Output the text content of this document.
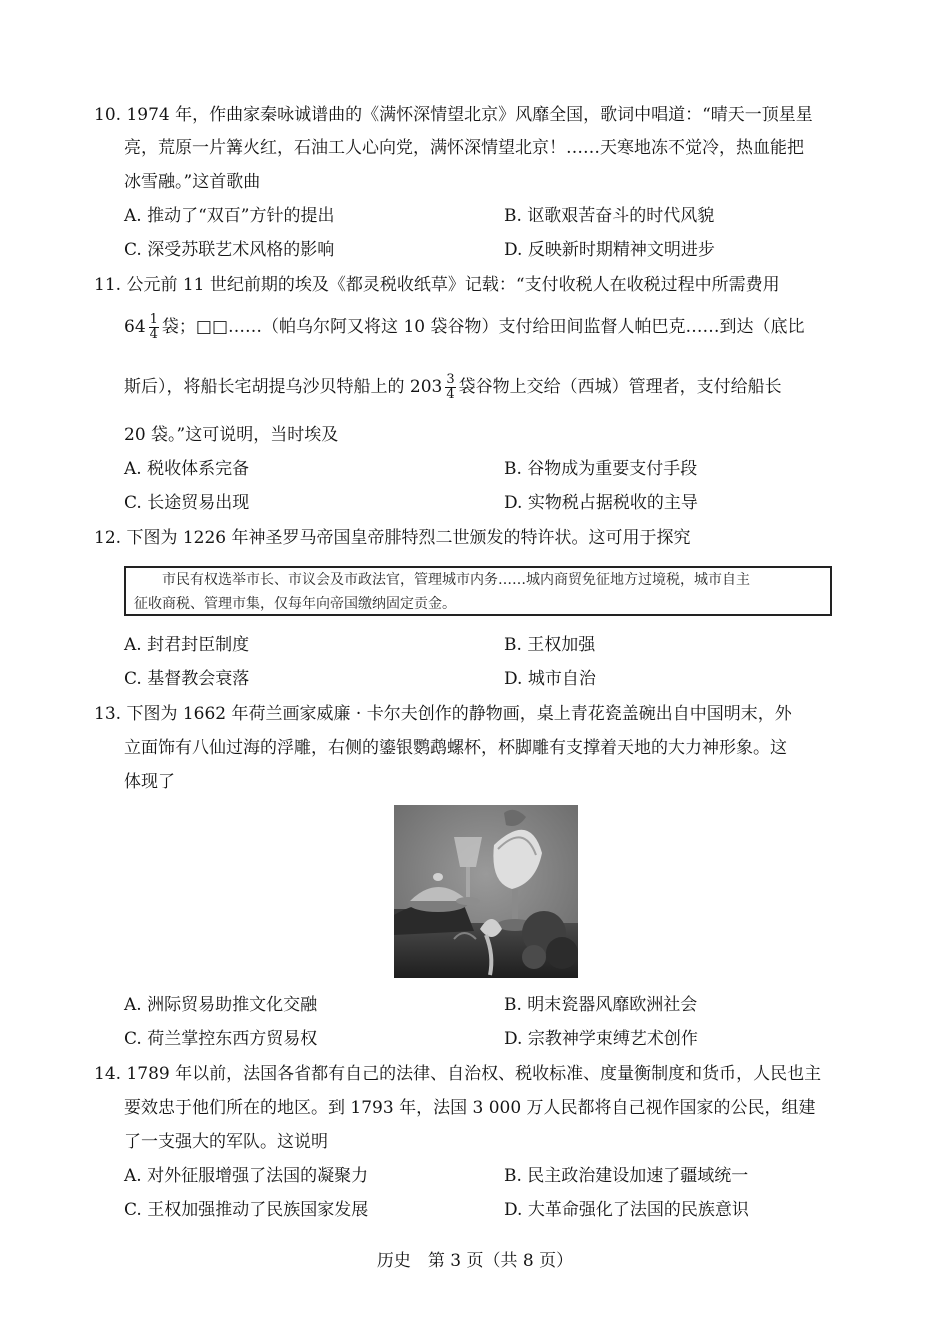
10. 1974 年，作曲家秦咏诚谱曲的《满怀深情望北京》风靡全国，歌词中唱道：“晴天一顶星星
亮，荒原一片篝火红，石油工人心向党，满怀深情望北京！……天寒地冻不觉冷，热血能把
冰雪融。”这首歌曲
A. 推动了“双百”方针的提出	B. 讴歌艰苦奋斗的时代风貌
C. 深受苏联艺术风格的影响	D. 反映新时期精神文明进步
11. 公元前 11 世纪前期的埃及《都灵税收纸草》记载：“支付收税人在收税过程中所需费用
$64 \frac{1}{4}$ 袋；□□……（帕乌尔阿又将这 10 袋谷物）支付给田间监督人帕巴克……到达（底比
斯后），将船长宅胡提乌沙贝特船上的 $203 \frac{3}{4}$ 袋谷物上交给（西城）管理者，支付给船长
20 袋。”这可说明，当时埃及
A. 税收体系完备	B. 谷物成为重要支付手段
C. 长途贸易出现	D. 实物税占据税收的主导
12. 下图为 1226 年神圣罗马帝国皇帝腓特烈二世颁发的特许状。这可用于探究
市民有权选举市长、市议会及市政法官，管理城市内务……城内商贸免征地方过境税，城市自主
征收商税、管理市集，仅每年向帝国缴纳固定贡金。
A. 封君封臣制度	B. 王权加强
C. 基督教会衰落	D. 城市自治
13. 下图为 1662 年荷兰画家威廉 · 卡尔夫创作的静物画，桌上青花瓷盖碗出自中国明末，外
立面饰有八仙过海的浮雕，右侧的鎏银鹦鹉螺杯，杯脚雕有支撑着天地的大力神形象。这
体现了
A. 洲际贸易助推文化交融	B. 明末瓷器风靡欧洲社会
C. 荷兰掌控东西方贸易权	D. 宗教神学束缚艺术创作
14. 1789 年以前，法国各省都有自己的法律、自治权、税收标准、度量衡制度和货币，人民也主
要效忠于他们所在的地区。到 1793 年，法国 3 000 万人民都将自己视作国家的公民，组建
了一支强大的军队。这说明
A. 对外征服增强了法国的凝聚力	B. 民主政治建设加速了疆域统一
C. 王权加强推动了民族国家发展	D. 大革命强化了法国的民族意识
历史　第 3 页（共 8 页）
